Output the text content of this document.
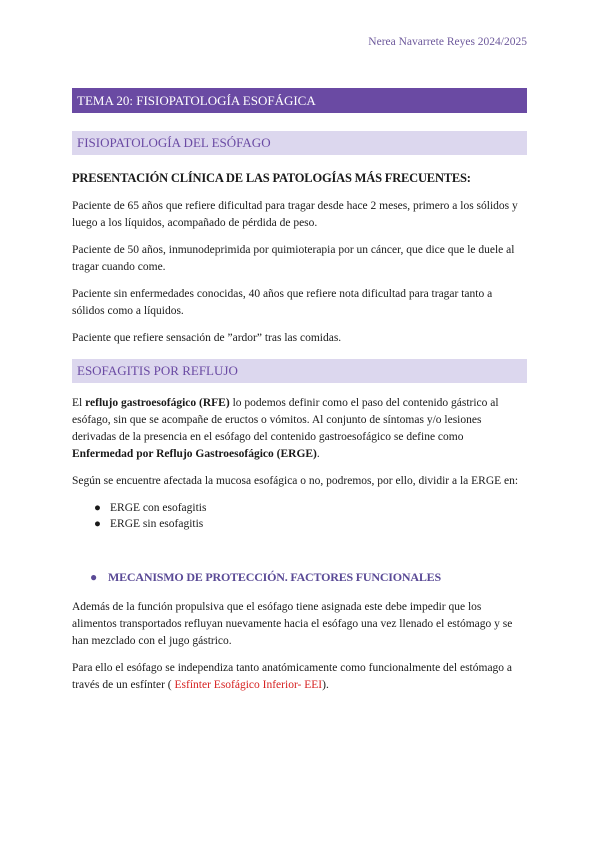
Nerea Navarrete Reyes 2024/2025
TEMA 20: FISIOPATOLOGÍA ESOFÁGICA
FISIOPATOLOGÍA DEL ESÓFAGO
PRESENTACIÓN CLÍNICA DE LAS PATOLOGÍAS MÁS FRECUENTES:

Paciente de 65 años que refiere dificultad para tragar desde hace 2 meses, primero a los sólidos y luego a los líquidos, acompañado de pérdida de peso.

Paciente de 50 años, inmunodeprimida por quimioterapia por un cáncer, que dice que le duele al tragar cuando come.

Paciente sin enfermedades conocidas, 40 años que refiere nota dificultad para tragar tanto a sólidos como a líquidos.

Paciente que refiere sensación de ”ardor” tras las comidas.

ESOFAGITIS POR REFLUJO

El reflujo gastroesofágico (RFE) lo podemos definir como el paso del contenido gástrico al esófago, sin que se acompañe de eructos o vómitos. Al conjunto de síntomas y/o lesiones derivadas de la presencia en el esófago del contenido gastroesofágico se define como Enfermedad por Reflujo Gastroesofágico (ERGE).

Según se encuentre afectada la mucosa esofágica o no, podremos, por ello, dividir a la ERGE en:

● ERGE con esofagitis
● ERGE sin esofagitis
● MECANISMO DE PROTECCIÓN. FACTORES FUNCIONALES

Además de la función propulsiva que el esófago tiene asignada este debe impedir que los alimentos transportados refluyan nuevamente hacia el esófago una vez llenado el estómago y se han mezclado con el jugo gástrico.

Para ello el esófago se independiza tanto anatómicamente como funcionalmente del estómago a través de un esfínter ( Esfínter Esofágico Inferior- EEI).
